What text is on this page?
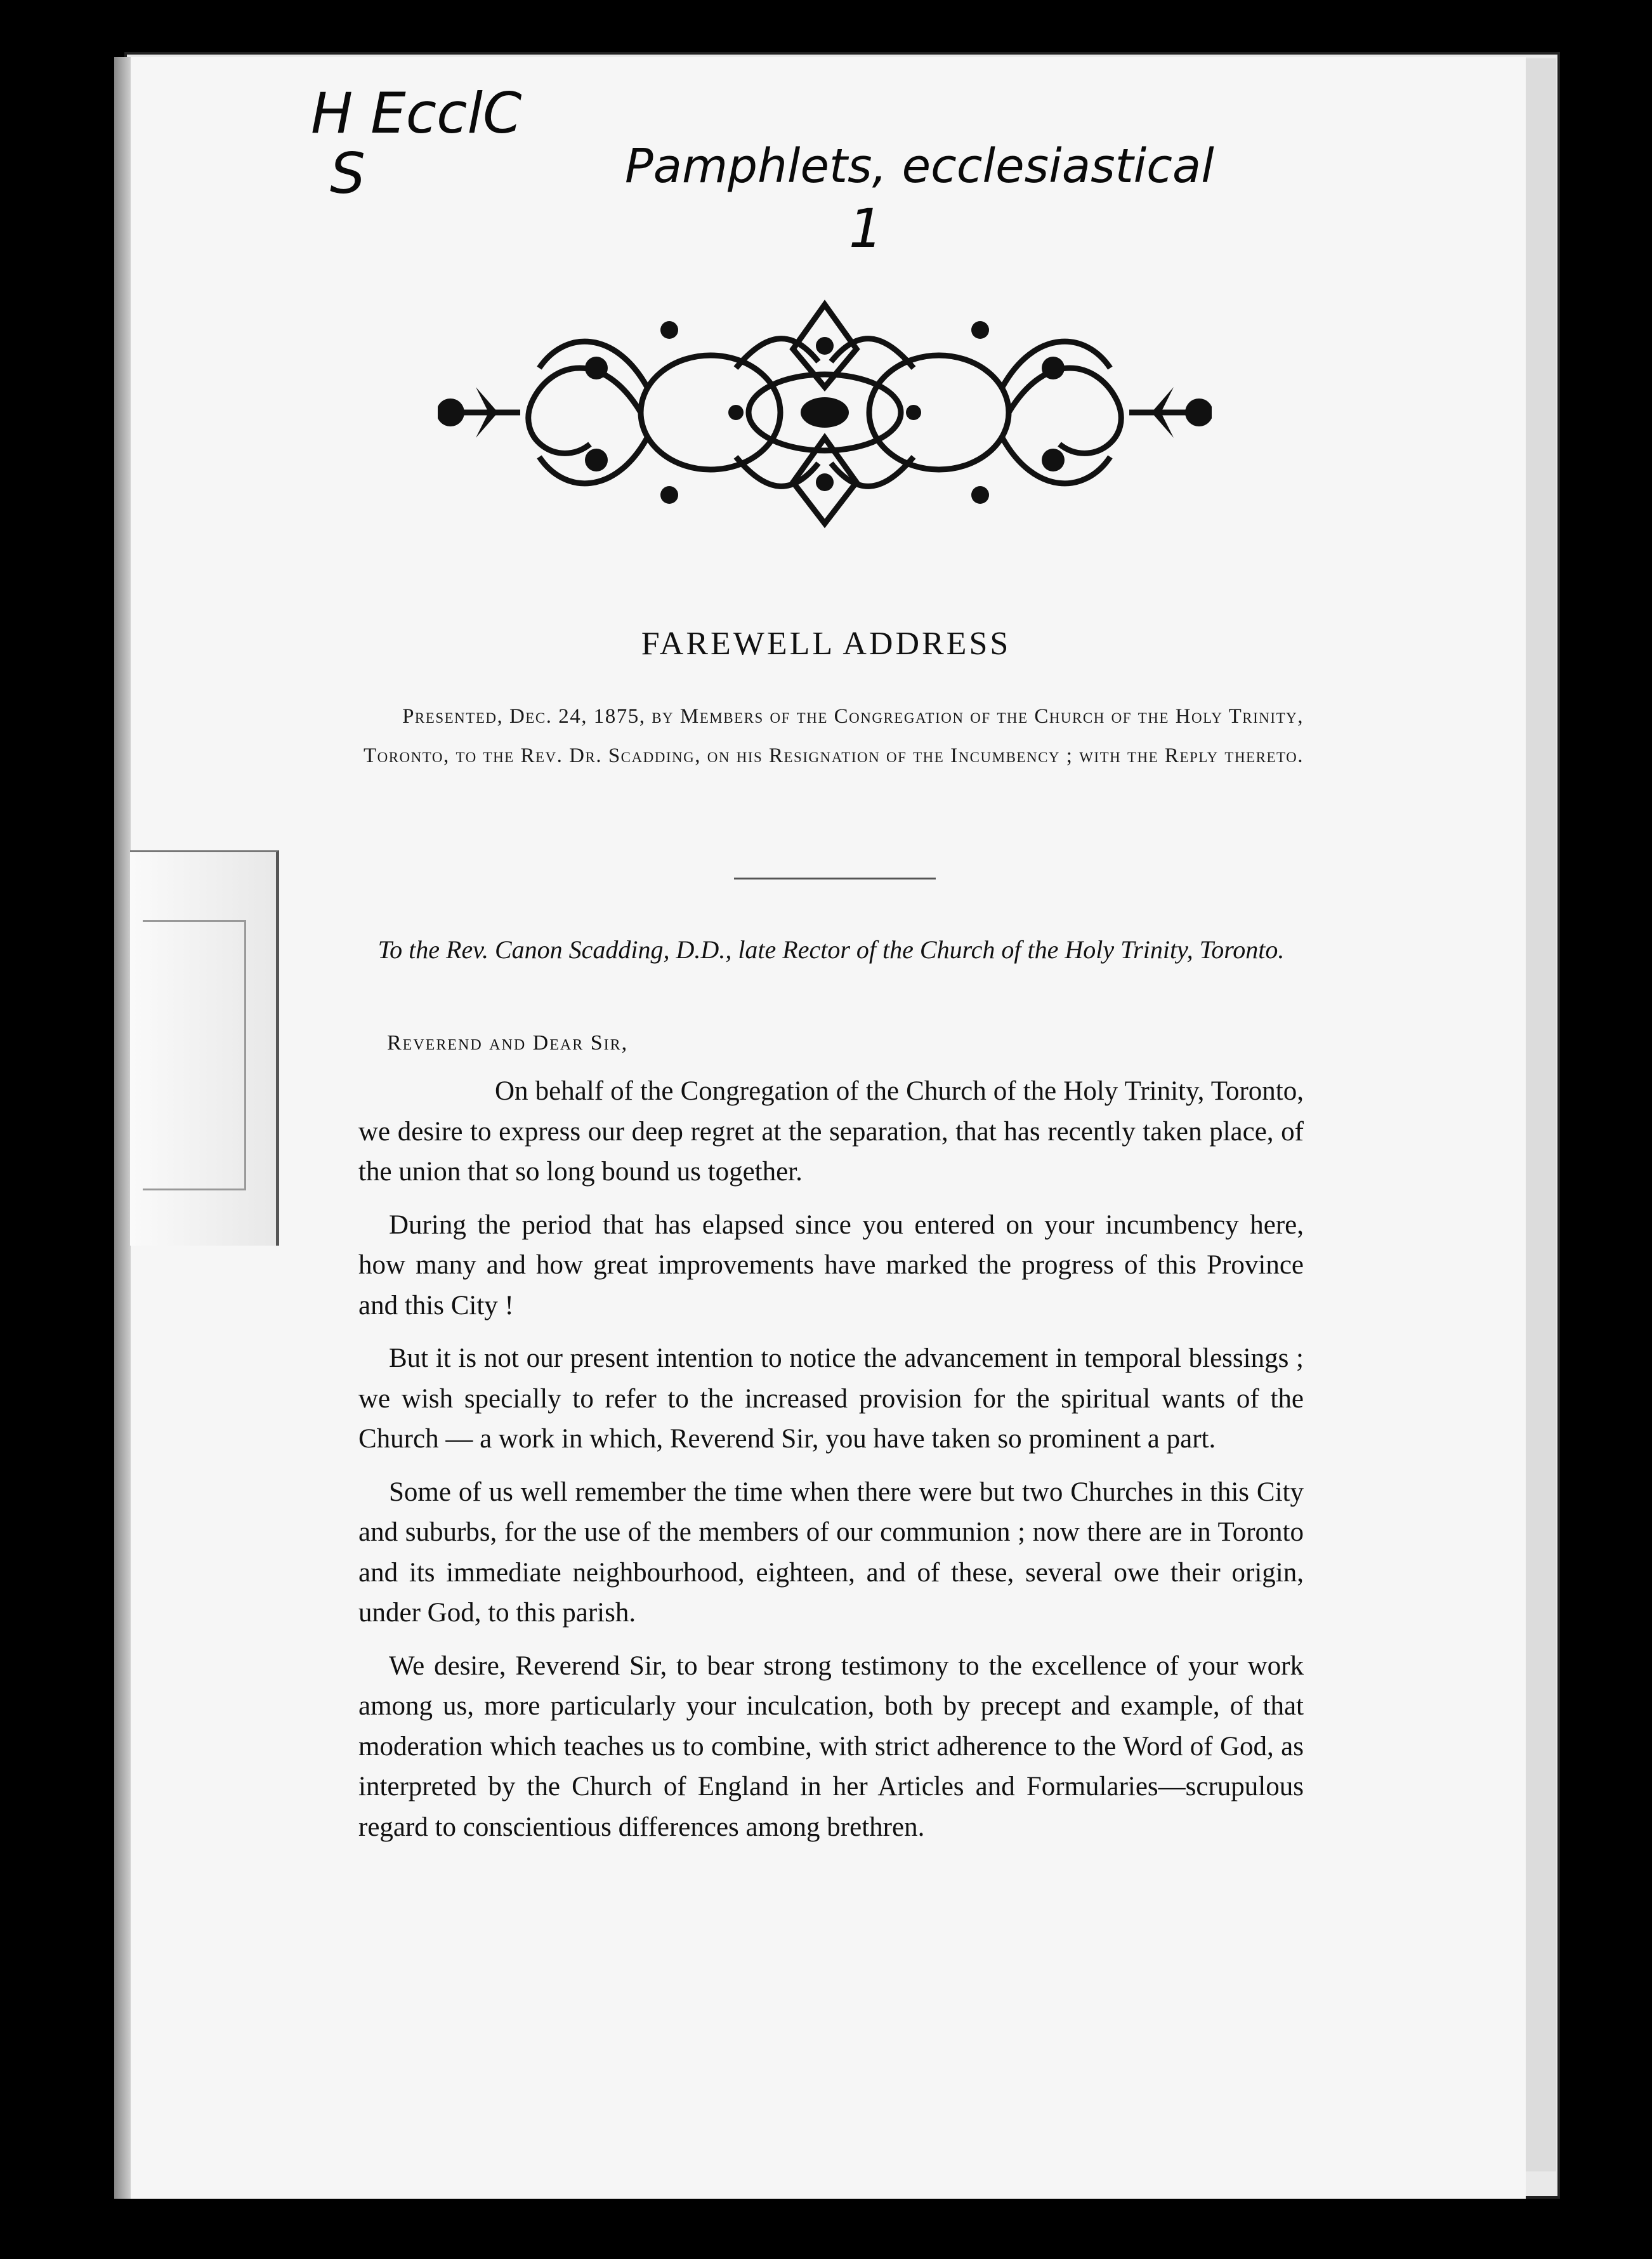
H EcclC
S	Pamphlets, ecclesiastical
1
FAREWELL ADDRESS
Presented, Dec. 24, 1875, by Members of the Congregation of the Church of the Holy Trinity, Toronto, to the Rev. Dr. Scadding, on his Resignation of the Incumbency ; with the Reply thereto.
To the Rev. Canon Scadding, D.D., late Rector of the Church of the Holy Trinity, Toronto.
Reverend and Dear Sir,

On behalf of the Congregation of the Church of the Holy Trinity, Toronto, we desire to express our deep regret at the separation, that has recently taken place, of the union that so long bound us together.

During the period that has elapsed since you entered on your incumbency here, how many and how great improvements have marked the progress of this Province and this City !

But it is not our present intention to notice the advancement in temporal blessings ; we wish specially to refer to the increased provision for the spiritual wants of the Church — a work in which, Reverend Sir, you have taken so prominent a part.

Some of us well remember the time when there were but two Churches in this City and suburbs, for the use of the members of our communion ; now there are in Toronto and its immediate neighbourhood, eighteen, and of these, several owe their origin, under God, to this parish.

We desire, Reverend Sir, to bear strong testimony to the excellence of your work among us, more particularly your inculcation, both by precept and example, of that moderation which teaches us to combine, with strict adherence to the Word of God, as interpreted by the Church of England in her Articles and Formularies—scrupulous regard to conscientious differences among brethren.
